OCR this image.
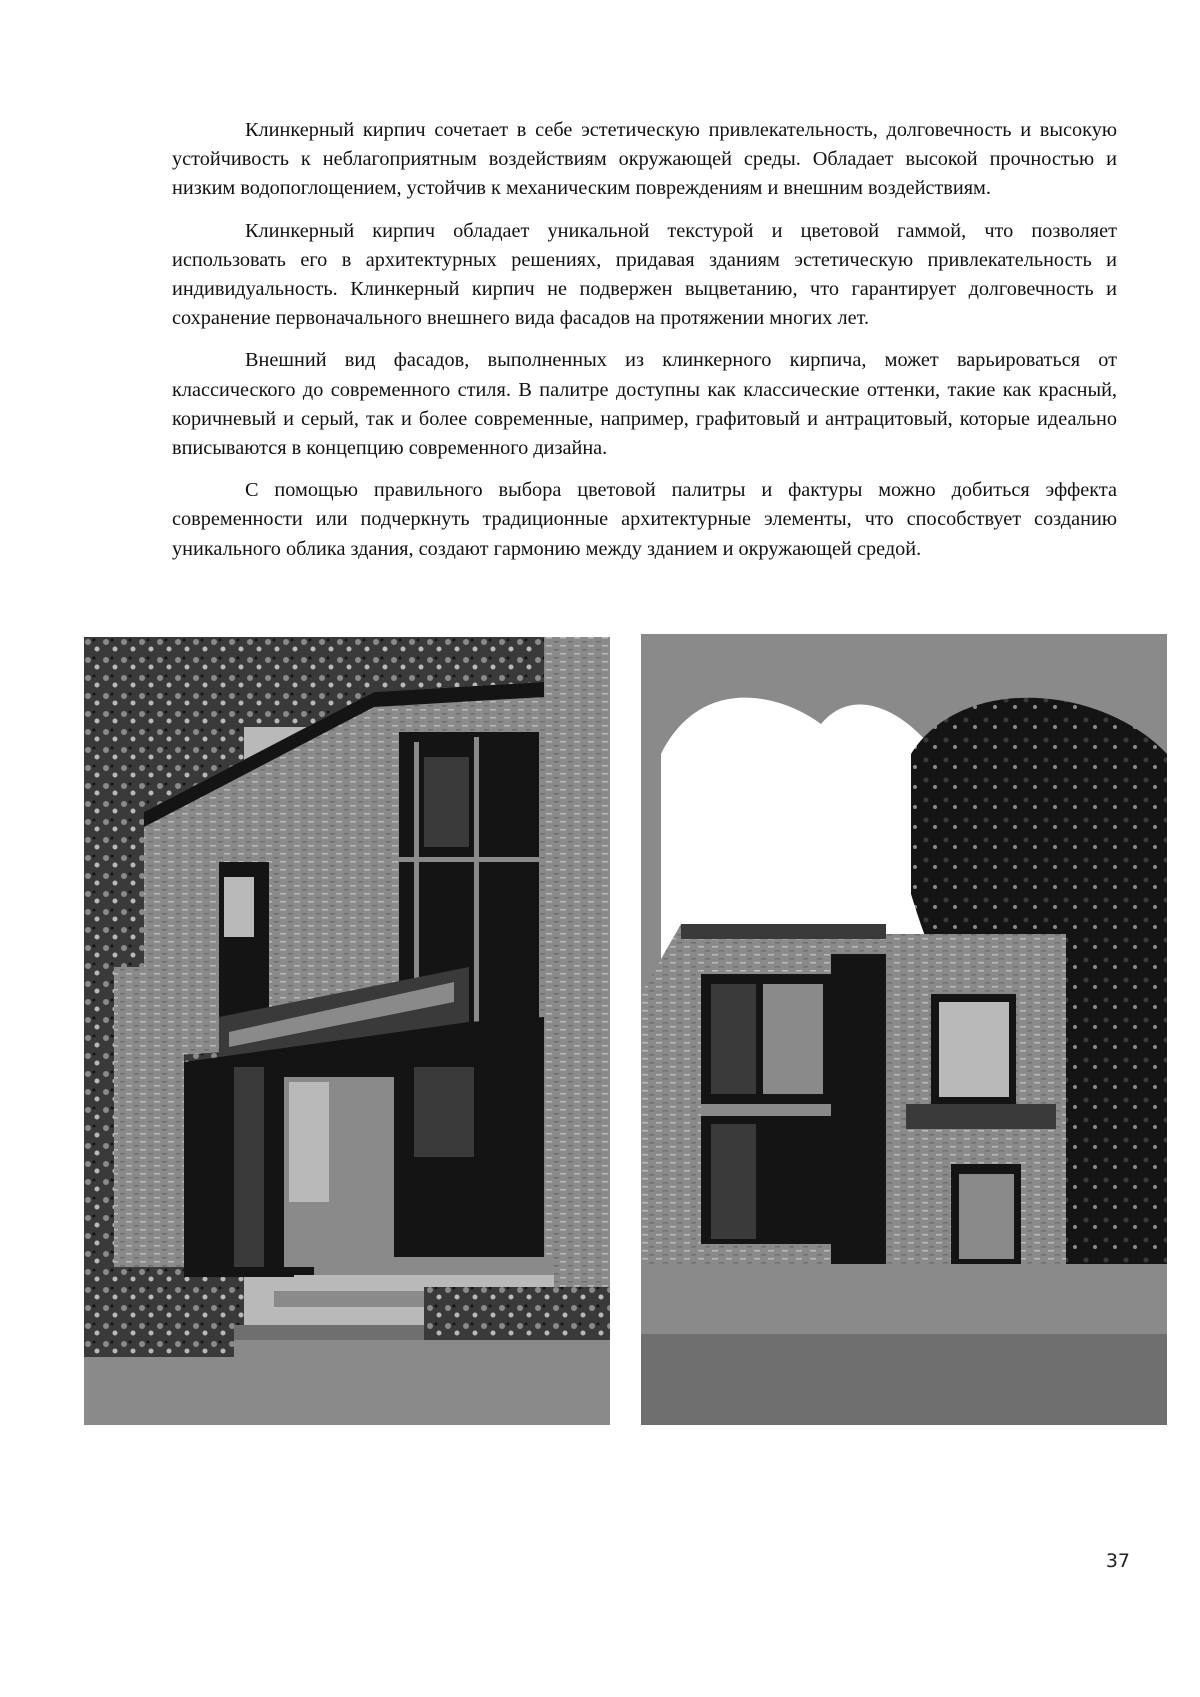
Клинкерный кирпич сочетает в себе эстетическую привлекательность, долговечность и высокую устойчивость к неблагоприятным воздействиям окружающей среды. Обладает высокой прочностью и низким водопоглощением, устойчив к механическим повреждениям и внешним воздействиям.

Клинкерный кирпич обладает уникальной текстурой и цветовой гаммой, что позволяет использовать его в архитектурных решениях, придавая зданиям эстетическую привлекательность и индивидуальность. Клинкерный кирпич не подвержен выцветанию, что гарантирует долговечность и сохранение первоначального внешнего вида фасадов на протяжении многих лет.

Внешний вид фасадов, выполненных из клинкерного кирпича, может варьироваться от классического до современного стиля. В палитре доступны как классические оттенки, такие как красный, коричневый и серый, так и более современные, например, графитовый и антрацитовый, которые идеально вписываются в концепцию современного дизайна.

С помощью правильного выбора цветовой палитры и фактуры можно добиться эффекта современности или подчеркнуть традиционные архитектурные элементы, что способствует созданию уникального облика здания, создают гармонию между зданием и окружающей средой.

37
